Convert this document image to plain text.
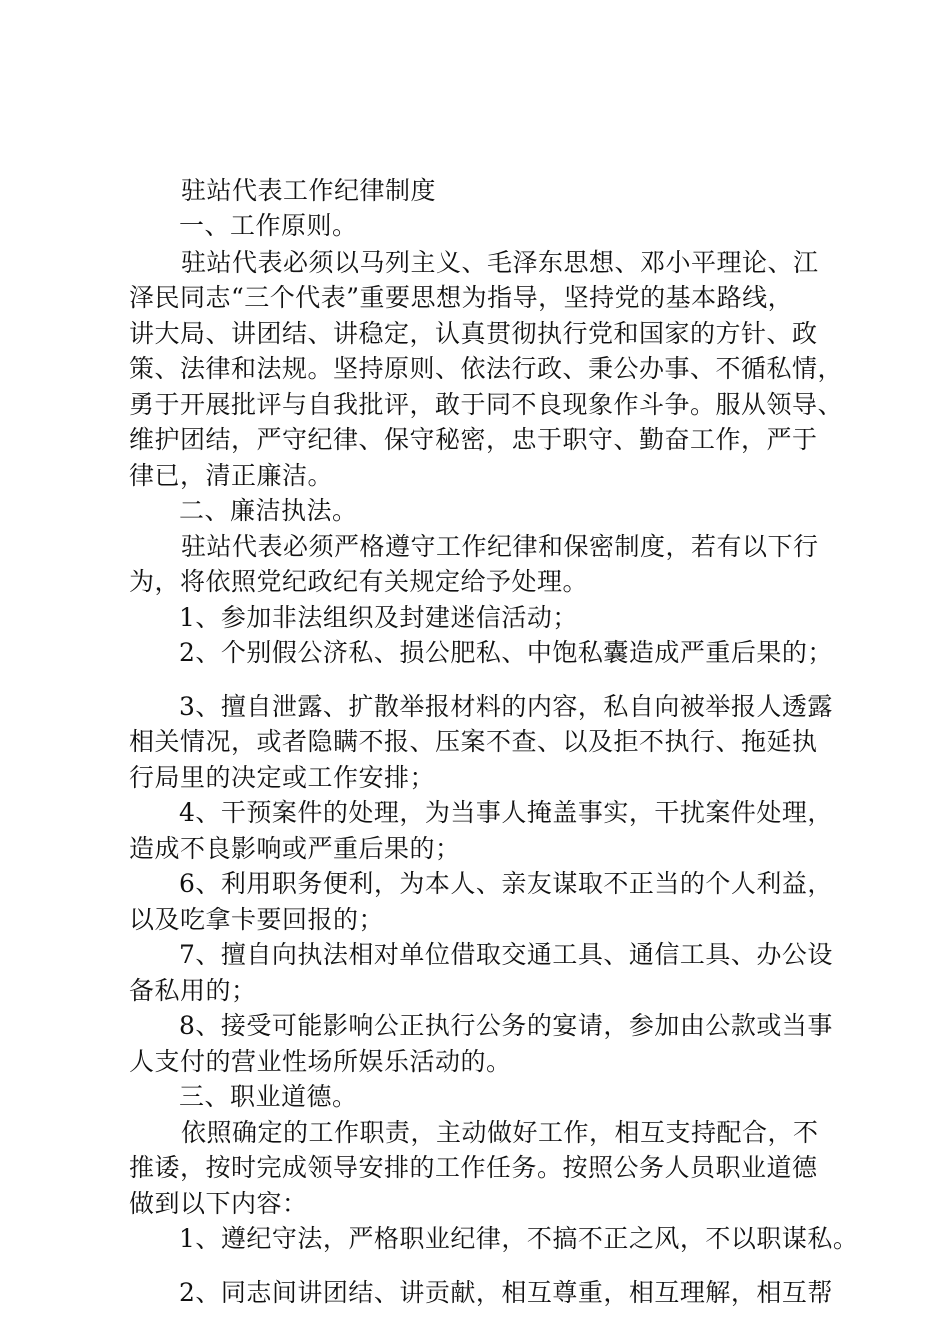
驻站代表工作纪律制度
一、工作原则。
驻站代表必须以马列主义、毛泽东思想、邓小平理论、江
泽民同志“三个代表”重要思想为指导，坚持党的基本路线，
讲大局、讲团结、讲稳定，认真贯彻执行党和国家的方针、政
策、法律和法规。坚持原则、依法行政、秉公办事、不循私情，
勇于开展批评与自我批评，敢于同不良现象作斗争。服从领导、
维护团结，严守纪律、保守秘密，忠于职守、勤奋工作，严于
律已，清正廉洁。
二、廉洁执法。
驻站代表必须严格遵守工作纪律和保密制度，若有以下行
为，将依照党纪政纪有关规定给予处理。
1、参加非法组织及封建迷信活动；
2、个别假公济私、损公肥私、中饱私囊造成严重后果的；
3、擅自泄露、扩散举报材料的内容，私自向被举报人透露
相关情况，或者隐瞒不报、压案不查、以及拒不执行、拖延执
行局里的决定或工作安排；
4、干预案件的处理，为当事人掩盖事实，干扰案件处理，
造成不良影响或严重后果的；
6、利用职务便利，为本人、亲友谋取不正当的个人利益，
以及吃拿卡要回报的；
7、擅自向执法相对单位借取交通工具、通信工具、办公设
备私用的；
8、接受可能影响公正执行公务的宴请，参加由公款或当事
人支付的营业性场所娱乐活动的。
三、职业道德。
依照确定的工作职责，主动做好工作，相互支持配合，不
推诿，按时完成领导安排的工作任务。按照公务人员职业道德
做到以下内容：
1、遵纪守法，严格职业纪律，不搞不正之风，不以职谋私。
2、同志间讲团结、讲贡献，相互尊重，相互理解，相互帮
